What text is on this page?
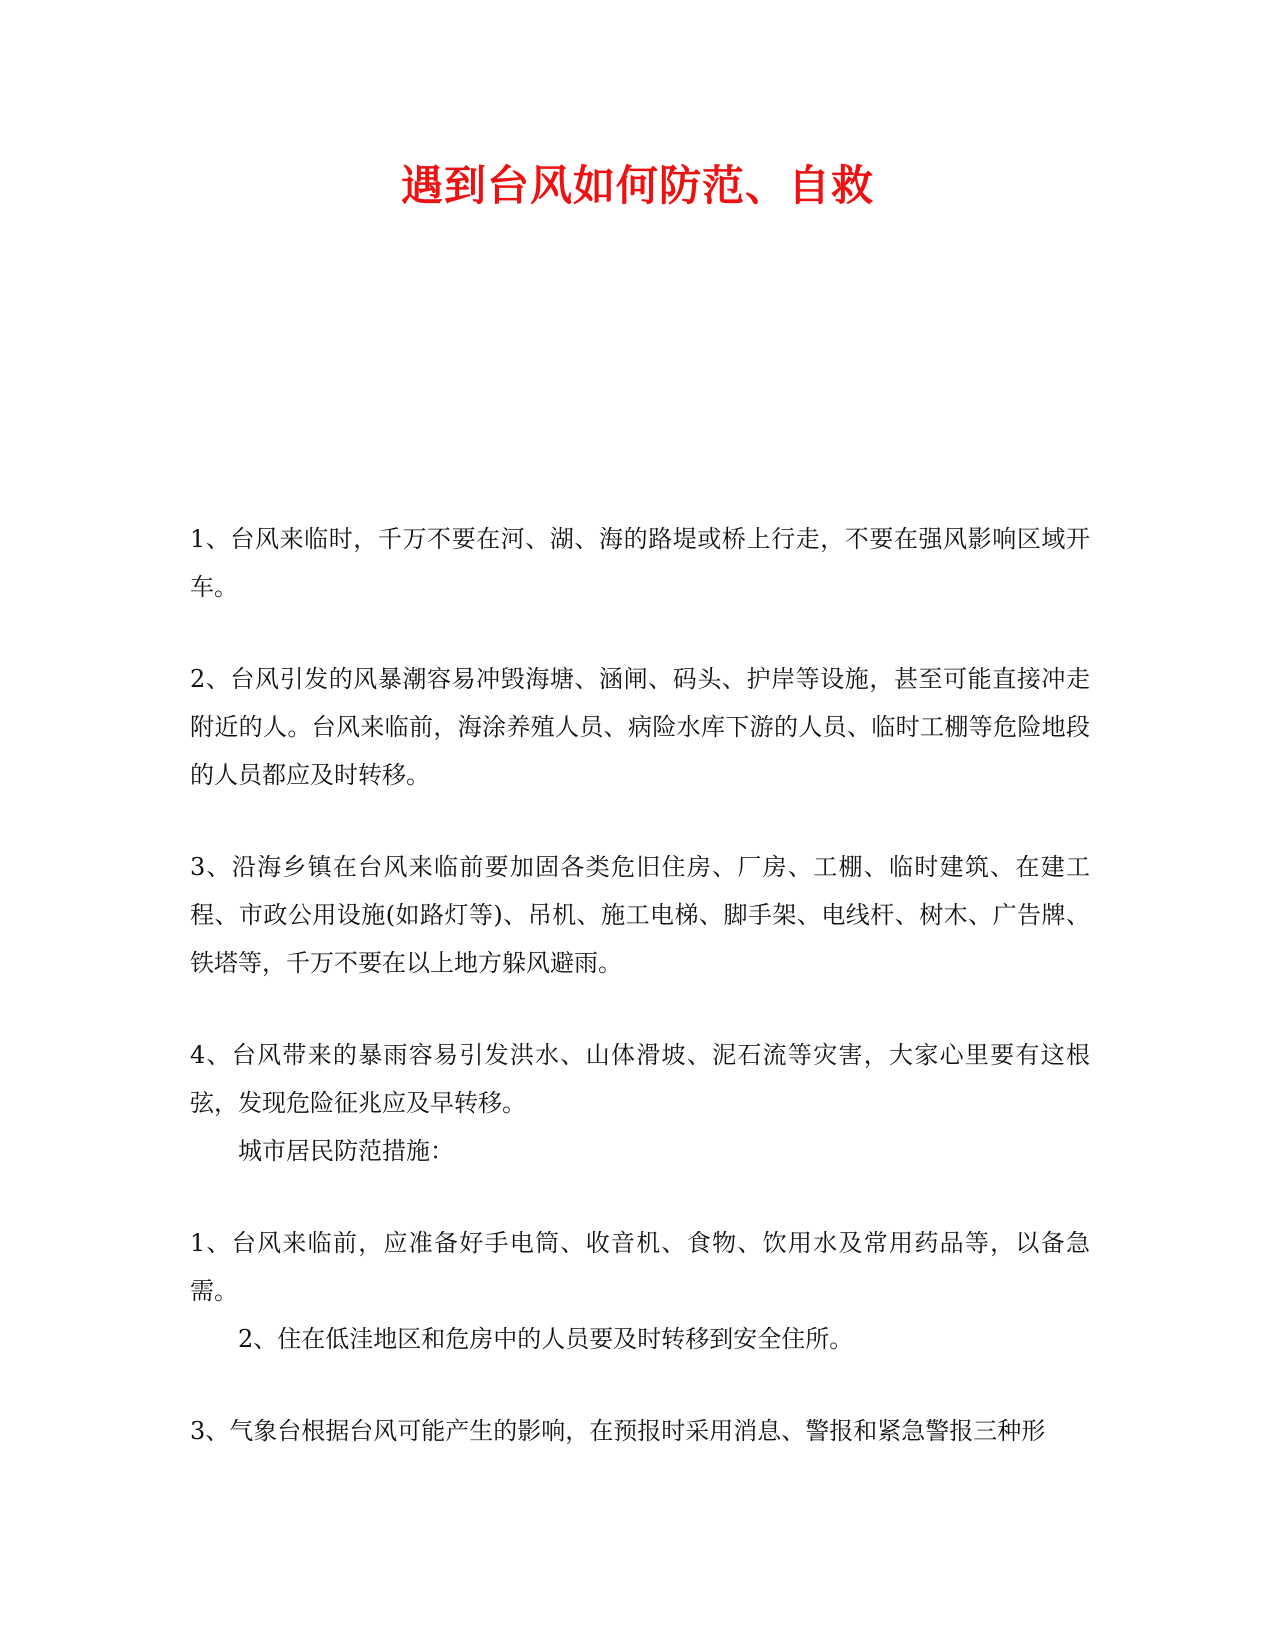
遇到台风如何防范、自救

1、台风来临时，千万不要在河、湖、海的路堤或桥上行走，不要在强风影响区域开车。

2、台风引发的风暴潮容易冲毁海塘、涵闸、码头、护岸等设施，甚至可能直接冲走附近的人。台风来临前，海涂养殖人员、病险水库下游的人员、临时工棚等危险地段的人员都应及时转移。

3、沿海乡镇在台风来临前要加固各类危旧住房、厂房、工棚、临时建筑、在建工程、市政公用设施(如路灯等)、吊机、施工电梯、脚手架、电线杆、树木、广告牌、铁塔等，千万不要在以上地方躲风避雨。

4、台风带来的暴雨容易引发洪水、山体滑坡、泥石流等灾害，大家心里要有这根弦，发现危险征兆应及早转移。

城市居民防范措施：

1、台风来临前，应准备好手电筒、收音机、食物、饮用水及常用药品等，以备急需。

2、住在低洼地区和危房中的人员要及时转移到安全住所。

3、气象台根据台风可能产生的影响，在预报时采用消息、警报和紧急警报三种形
